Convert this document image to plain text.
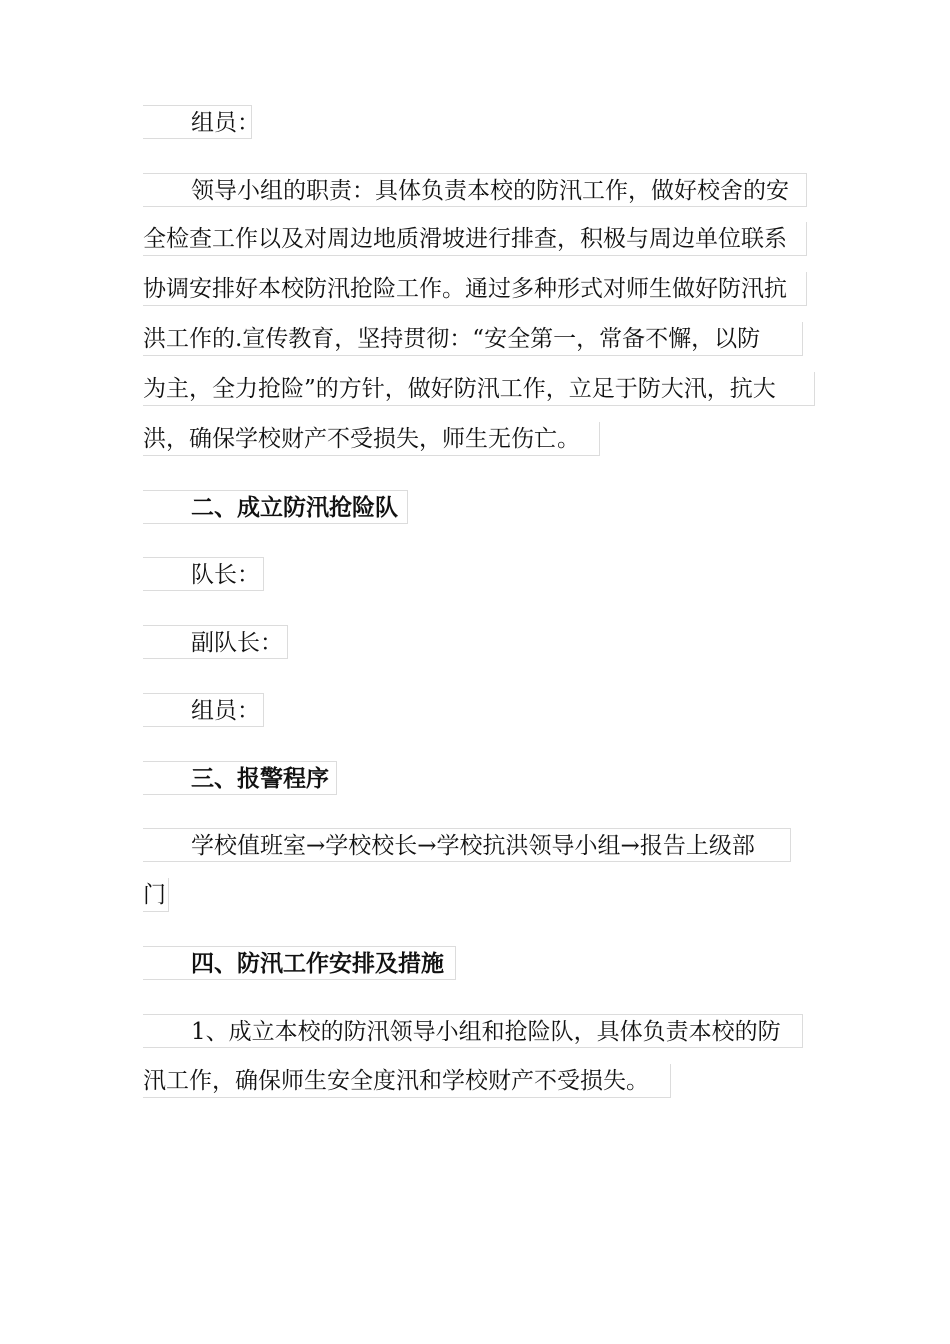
组员：
领导小组的职责：具体负责本校的防汛工作，做好校舍的安
全检查工作以及对周边地质滑坡进行排查，积极与周边单位联系
协调安排好本校防汛抢险工作。通过多种形式对师生做好防汛抗
洪工作的.宣传教育，坚持贯彻：“安全第一，常备不懈，以防
为主，全力抢险”的方针，做好防汛工作，立足于防大汛，抗大
洪，确保学校财产不受损失，师生无伤亡。
二、成立防汛抢险队
队长：
副队长：
组员：
三、报警程序
学校值班室→学校校长→学校抗洪领导小组→报告上级部
门
四、防汛工作安排及措施
1、成立本校的防汛领导小组和抢险队，具体负责本校的防
汛工作，确保师生安全度汛和学校财产不受损失。
